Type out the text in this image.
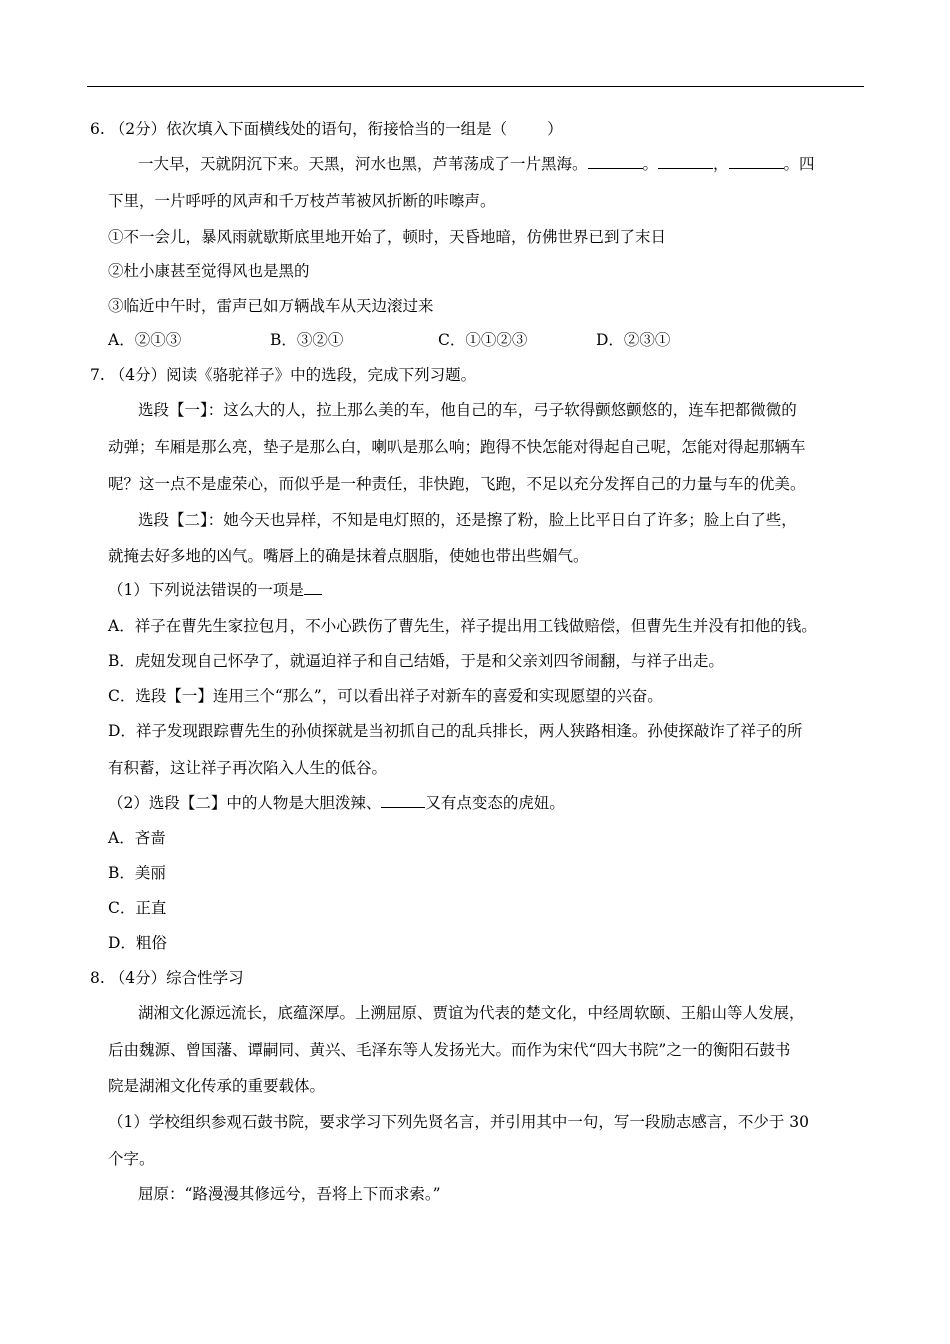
6. （2分）依次填入下面横线处的语句，衔接恰当的一组是（	）
一大早，天就阴沉下来。天黑，河水也黑，芦苇荡成了一片黑海。	。	，	。四
下里，一片呼呼的风声和千万枝芦苇被风折断的咔嚓声。
①不一会儿，暴风雨就歇斯底里地开始了，顿时，天昏地暗，仿佛世界已到了末日
②杜小康甚至觉得风也是黑的
③临近中午时，雷声已如万辆战车从天边滚过来
A．②①③	B．③②①	C．①①②③	D．②③①
7. （4分）阅读《骆驼祥子》中的选段，完成下列习题。
选段【一】：这么大的人，拉上那么美的车，他自己的车，弓子软得颤悠颤悠的，连车把都微微的
动弹；车厢是那么亮，垫子是那么白，喇叭是那么响；跑得不快怎能对得起自己呢，怎能对得起那辆车
呢？这一点不是虚荣心，而似乎是一种责任，非快跑，飞跑，不足以充分发挥自己的力量与车的优美。
选段【二】：她今天也异样，不知是电灯照的，还是擦了粉，脸上比平日白了许多；脸上白了些，
就掩去好多地的凶气。嘴唇上的确是抹着点胭脂，使她也带出些媚气。
（1）下列说法错误的一项是
A．祥子在曹先生家拉包月，不小心跌伤了曹先生，祥子提出用工钱做赔偿，但曹先生并没有扣他的钱。
B．虎妞发现自己怀孕了，就逼迫祥子和自己结婚，于是和父亲刘四爷闹翻，与祥子出走。
C．选段【一】连用三个“那么”，可以看出祥子对新车的喜爱和实现愿望的兴奋。
D．祥子发现跟踪曹先生的孙侦探就是当初抓自己的乱兵排长，两人狭路相逢。孙使探敲诈了祥子的所
有积蓄，这让祥子再次陷入人生的低谷。
（2）选段【二】中的人物是大胆泼辣、	又有点变态的虎妞。
A．吝啬
B．美丽
C．正直
D．粗俗
8. （4分）综合性学习
湖湘文化源远流长，底蕴深厚。上溯屈原、贾谊为代表的楚文化，中经周软颐、王船山等人发展，
后由魏源、曾国藩、谭嗣同、黄兴、毛泽东等人发扬光大。而作为宋代“四大书院”之一的衡阳石鼓书
院是湖湘文化传承的重要载体。
（1）学校组织参观石鼓书院，要求学习下列先贤名言，并引用其中一句，写一段励志感言，不少于 30
个字。
屈原：“路漫漫其修远兮，吾将上下而求索。”
